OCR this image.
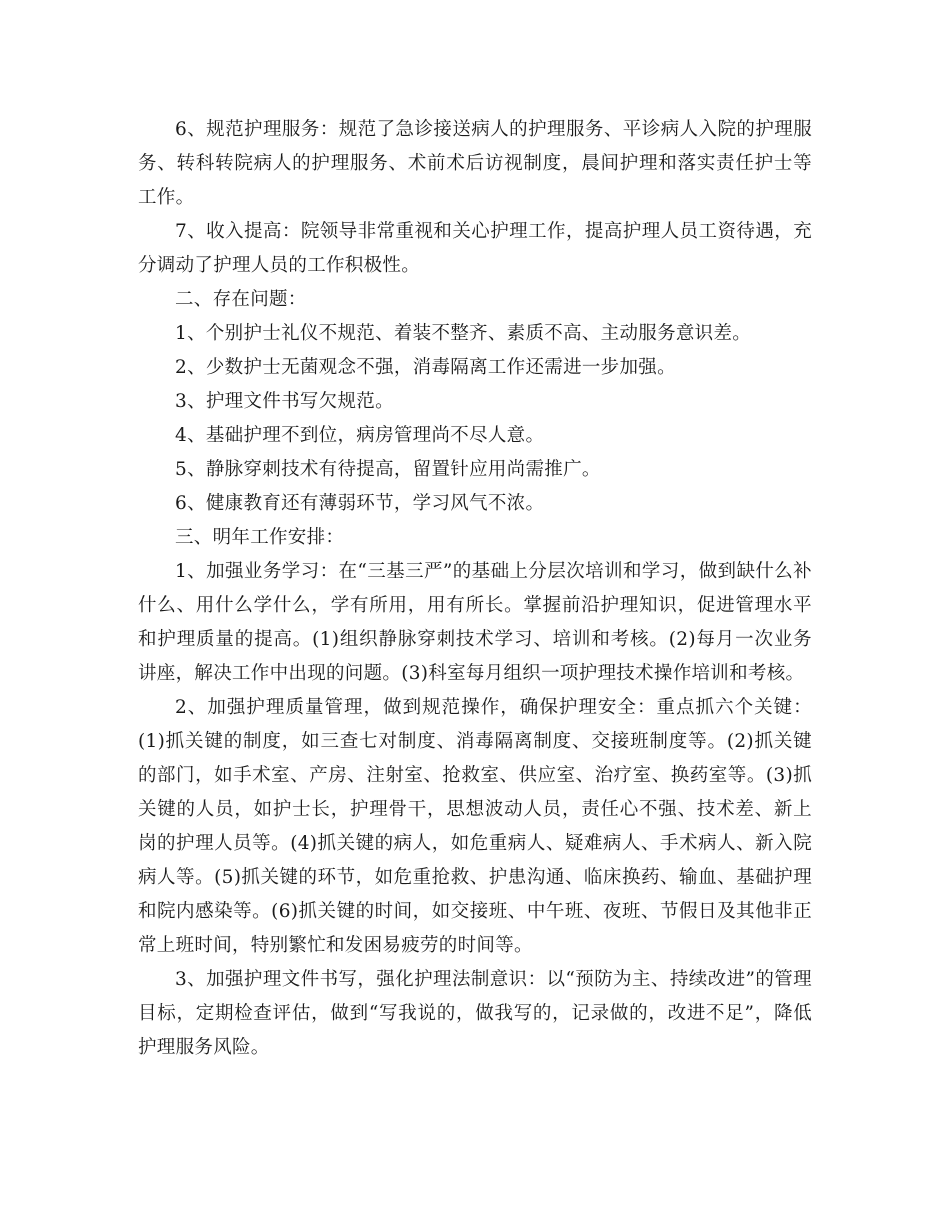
6、规范护理服务：规范了急诊接送病人的护理服务、平诊病人入院的护理服务、转科转院病人的护理服务、术前术后访视制度，晨间护理和落实责任护士等工作。

7、收入提高：院领导非常重视和关心护理工作，提高护理人员工资待遇，充分调动了护理人员的工作积极性。

二、存在问题：

1、个别护士礼仪不规范、着装不整齐、素质不高、主动服务意识差。

2、少数护士无菌观念不强，消毒隔离工作还需进一步加强。

3、护理文件书写欠规范。

4、基础护理不到位，病房管理尚不尽人意。

5、静脉穿刺技术有待提高，留置针应用尚需推广。

6、健康教育还有薄弱环节，学习风气不浓。

三、明年工作安排：

1、加强业务学习：在“三基三严”的基础上分层次培训和学习，做到缺什么补什么、用什么学什么，学有所用，用有所长。掌握前沿护理知识，促进管理水平和护理质量的提高。(1)组织静脉穿刺技术学习、培训和考核。(2)每月一次业务讲座，解决工作中出现的问题。(3)科室每月组织一项护理技术操作培训和考核。

2、加强护理质量管理，做到规范操作，确保护理安全：重点抓六个关键：(1)抓关键的制度，如三查七对制度、消毒隔离制度、交接班制度等。(2)抓关键的部门，如手术室、产房、注射室、抢救室、供应室、治疗室、换药室等。(3)抓关键的人员，如护士长，护理骨干，思想波动人员，责任心不强、技术差、新上岗的护理人员等。(4)抓关键的病人，如危重病人、疑难病人、手术病人、新入院病人等。(5)抓关键的环节，如危重抢救、护患沟通、临床换药、输血、基础护理和院内感染等。(6)抓关键的时间，如交接班、中午班、夜班、节假日及其他非正常上班时间，特别繁忙和发困易疲劳的时间等。

3、加强护理文件书写，强化护理法制意识：以“预防为主、持续改进”的管理目标，定期检查评估，做到“写我说的，做我写的，记录做的，改进不足”，降低护理服务风险。
